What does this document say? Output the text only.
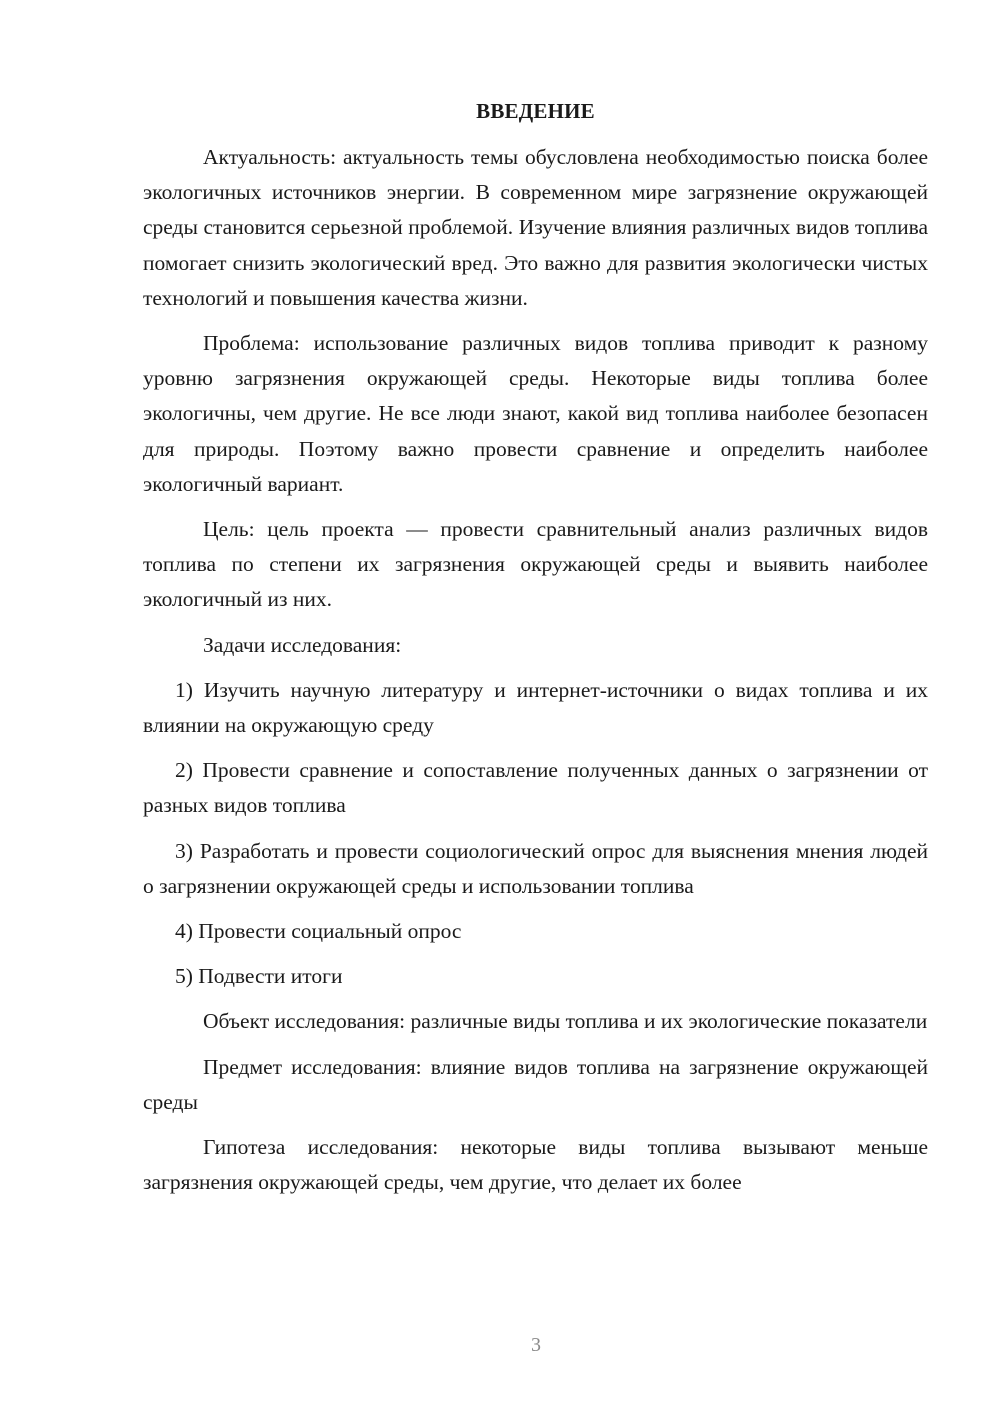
ВВЕДЕНИЕ

Актуальность: актуальность темы обусловлена необходимостью поиска более экологичных источников энергии. В современном мире загрязнение окружающей среды становится серьезной проблемой. Изучение влияния различных видов топлива помогает снизить экологический вред. Это важно для развития экологически чистых технологий и повышения качества жизни.

Проблема: использование различных видов топлива приводит к разному уровню загрязнения окружающей среды. Некоторые виды топлива более экологичны, чем другие. Не все люди знают, какой вид топлива наиболее безопасен для природы. Поэтому важно провести сравнение и определить наиболее экологичный вариант.

Цель: цель проекта — провести сравнительный анализ различных видов топлива по степени их загрязнения окружающей среды и выявить наиболее экологичный из них.

Задачи исследования:

1) Изучить научную литературу и интернет-источники о видах топлива и их влиянии на окружающую среду

2) Провести сравнение и сопоставление полученных данных о загрязнении от разных видов топлива

3) Разработать и провести социологический опрос для выяснения мнения людей о загрязнении окружающей среды и использовании топлива

4) Провести социальный опрос

5) Подвести итоги

Объект исследования: различные виды топлива и их экологические показатели

Предмет исследования: влияние видов топлива на загрязнение окружающей среды

Гипотеза исследования: некоторые виды топлива вызывают меньше загрязнения окружающей среды, чем другие, что делает их более

3
